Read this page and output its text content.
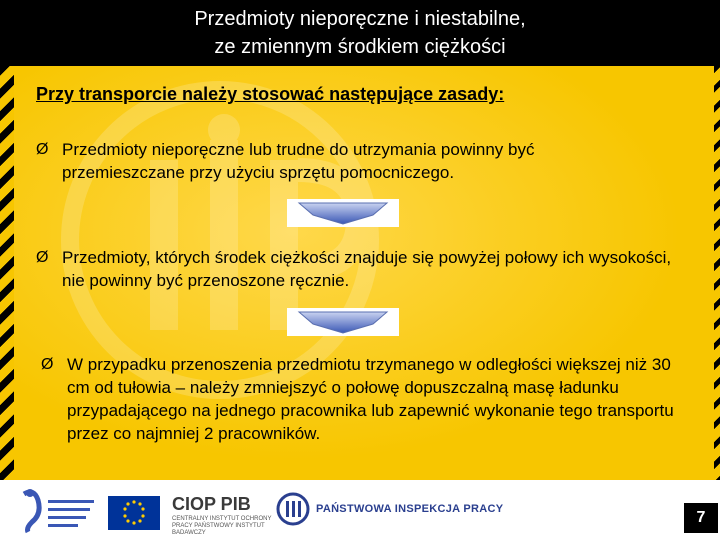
Przedmioty nieporęczne i niestabilne,
ze zmiennym środkiem ciężkości
Przy transporcie należy stosować następujące zasady:
Ø Przedmioty nieporęczne lub trudne do utrzymania powinny być przemieszczane przy użyciu sprzętu pomocniczego.
Ø Przedmioty, których środek ciężkości znajduje się powyżej połowy ich wysokości, nie powinny być przenoszone ręcznie.
Ø W przypadku przenoszenia przedmiotu trzymanego w odległości większej niż 30 cm od tułowia – należy zmniejszyć o połowę dopuszczalną masę ładunku przypadającego na jednego pracownika lub zapewnić wykonanie tego transportu przez co najmniej 2 pracowników.
CIOP PIB
CENTRALNY INSTYTUT OCHRONY PRACY PAŃSTWOWY INSTYTUT BADAWCZY
PAŃSTWOWA INSPEKCJA PRACY	7
